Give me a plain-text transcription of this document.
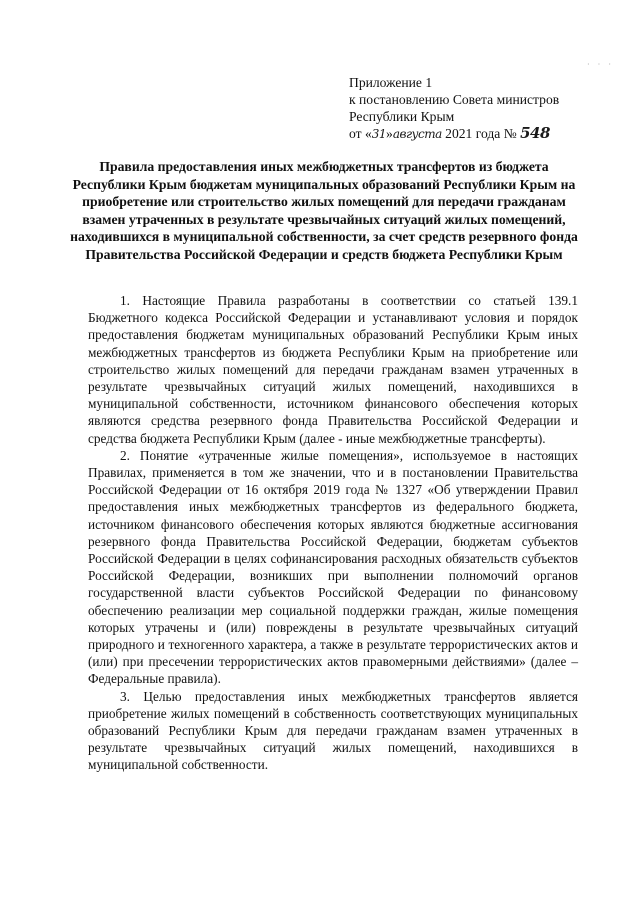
· · ·
Приложение 1
к постановлению Совета министров
Республики Крым
от «31»августа 2021 года № 548
Правила предоставления иных межбюджетных трансфертов из бюджета Республики Крым бюджетам муниципальных образований Республики Крым на приобретение или строительство жилых помещений для передачи гражданам взамен утраченных в результате чрезвычайных ситуаций жилых помещений, находившихся в муниципальной собственности, за счет средств резервного фонда Правительства Российской Федерации и средств бюджета Республики Крым

1. Настоящие Правила разработаны в соответствии со статьей 139.1 Бюджетного кодекса Российской Федерации и устанавливают условия и порядок предоставления бюджетам муниципальных образований Республики Крым иных межбюджетных трансфертов из бюджета Республики Крым на приобретение или строительство жилых помещений для передачи гражданам взамен утраченных в результате чрезвычайных ситуаций жилых помещений, находившихся в муниципальной собственности, источником финансового обеспечения которых являются средства резервного фонда Правительства Российской Федерации и средства бюджета Республики Крым (далее - иные межбюджетные трансферты).

2. Понятие «утраченные жилые помещения», используемое в настоящих Правилах, применяется в том же значении, что и в постановлении Правительства Российской Федерации от 16 октября 2019 года № 1327 «Об утверждении Правил предоставления иных межбюджетных трансфертов из федерального бюджета, источником финансового обеспечения которых являются бюджетные ассигнования резервного фонда Правительства Российской Федерации, бюджетам субъектов Российской Федерации в целях софинансирования расходных обязательств субъектов Российской Федерации, возникших при выполнении полномочий органов государственной власти субъектов Российской Федерации по финансовому обеспечению реализации мер социальной поддержки граждан, жилые помещения которых утрачены и (или) повреждены в результате чрезвычайных ситуаций природного и техногенного характера, а также в результате террористических актов и (или) при пресечении террористических актов правомерными действиями» (далее – Федеральные правила).

3. Целью предоставления иных межбюджетных трансфертов является приобретение жилых помещений в собственность соответствующих муниципальных образований Республики Крым для передачи гражданам взамен утраченных в результате чрезвычайных ситуаций жилых помещений, находившихся в муниципальной собственности.
